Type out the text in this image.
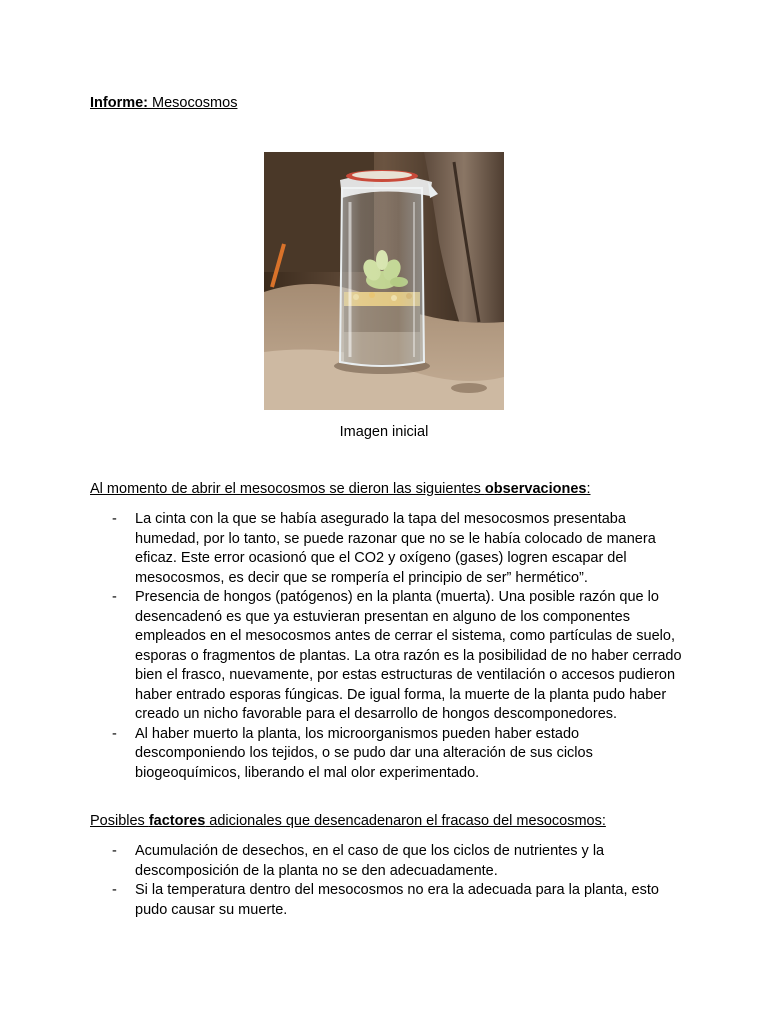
Informe: Mesocosmos
Imagen inicial
Al momento de abrir el mesocosmos se dieron las siguientes observaciones:
- La cinta con la que se había asegurado la tapa del mesocosmos presentaba humedad, por lo tanto, se puede razonar que no se le había colocado de manera eficaz. Este error ocasionó que el CO2 y oxígeno (gases) logren escapar del mesocosmos, es decir que se rompería el principio de ser” hermético”.
- Presencia de hongos (patógenos) en la planta (muerta). Una posible razón que lo desencadenó es que ya estuvieran presentan en alguno de los componentes empleados en el mesocosmos antes de cerrar el sistema, como partículas de suelo, esporas o fragmentos de plantas. La otra razón es la posibilidad de no haber cerrado bien el frasco, nuevamente, por estas estructuras de ventilación o accesos pudieron haber entrado esporas fúngicas. De igual forma, la muerte de la planta pudo haber creado un nicho favorable para el desarrollo de hongos descomponedores.
- Al haber muerto la planta, los microorganismos pueden haber estado descomponiendo los tejidos, o se pudo dar una alteración de sus ciclos biogeoquímicos, liberando el mal olor experimentado.
Posibles factores adicionales que desencadenaron el fracaso del mesocosmos:
- Acumulación de desechos, en el caso de que los ciclos de nutrientes y la descomposición de la planta no se den adecuadamente.
- Si la temperatura dentro del mesocosmos no era la adecuada para la planta, esto pudo causar su muerte.
